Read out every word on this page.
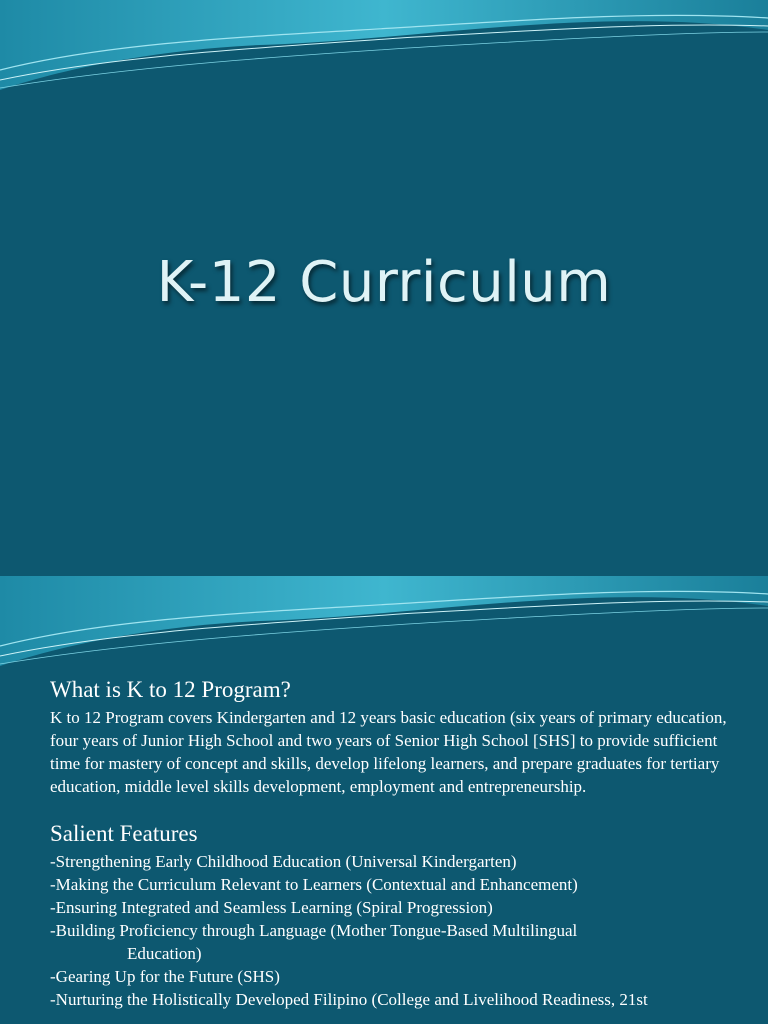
K-12 Curriculum
What is K to 12 Program?

K to 12 Program covers Kindergarten and 12 years basic education (six years of primary education, four years of Junior High School and two years of Senior High School [SHS] to provide sufficient time for mastery of concept and skills, develop lifelong learners, and prepare graduates for tertiary education, middle level skills development, employment and entrepreneurship.

Salient Features
-Strengthening Early Childhood Education (Universal Kindergarten)
-Making the Curriculum Relevant to Learners (Contextual and Enhancement)
-Ensuring Integrated and Seamless Learning (Spiral Progression)
-Building Proficiency through Language (Mother Tongue-Based Multilingual
Education)
-Gearing Up for the Future (SHS)
-Nurturing the Holistically Developed Filipino (College and Livelihood Readiness, 21st
